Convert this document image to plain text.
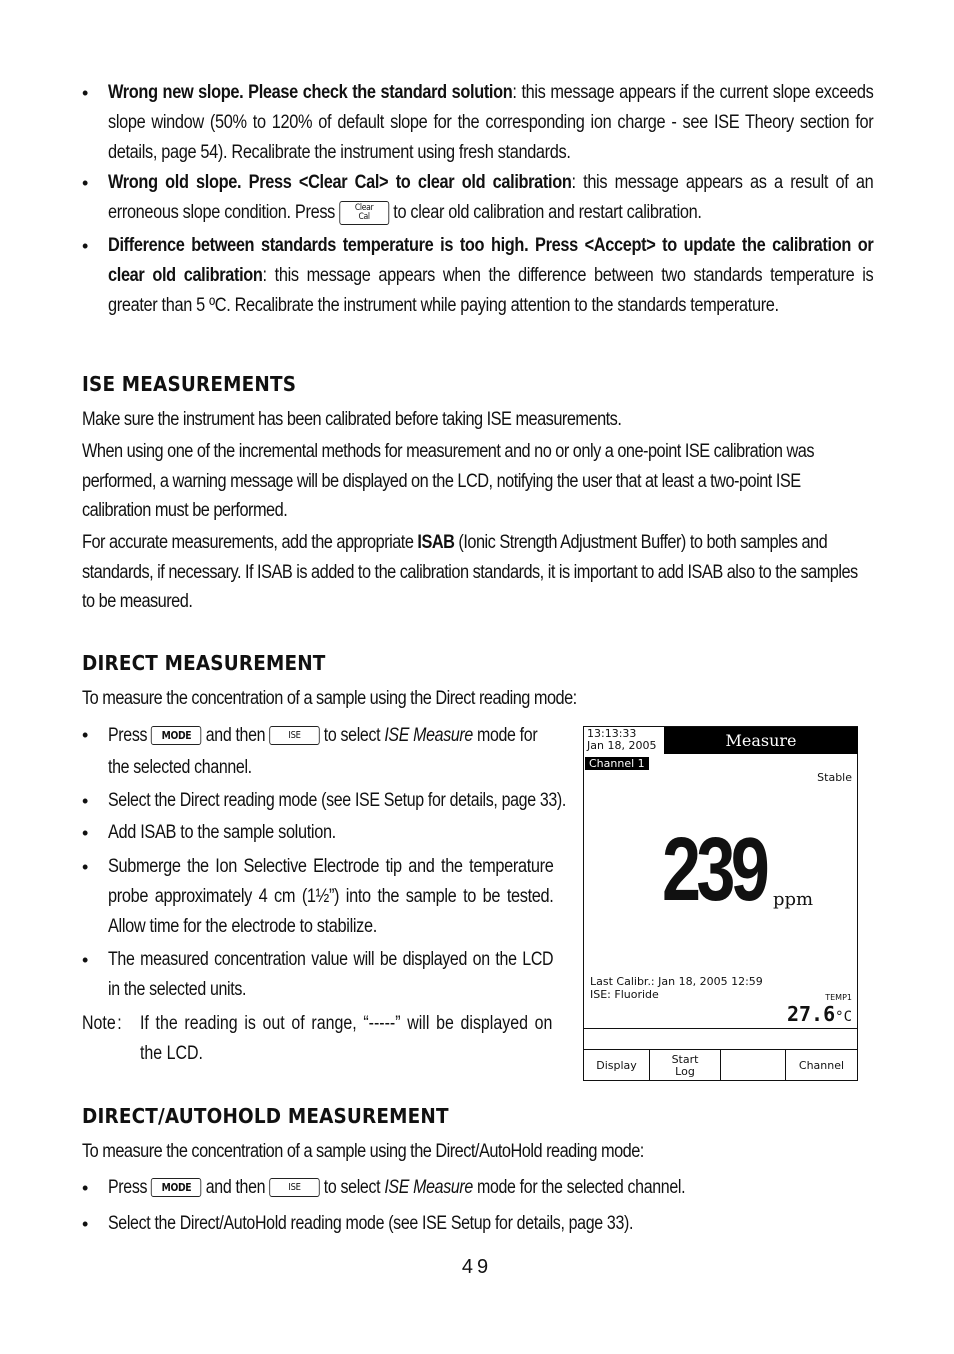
• Wrong new slope. Please check the standard solution: this message appears if the current slope exceeds slope window (50% to 120% of default slope for the corresponding ion charge - see ISE Theory section for details, page 54). Recalibrate the instrument using fresh standards.
• Wrong old slope. Press <Clear Cal> to clear old calibration: this message appears as a result of an erroneous slope condition. Press Clear
Cal to clear old calibration and restart calibration.
• Difference between standards temperature is too high. Press <Accept> to update the calibration or clear old calibration: this message appears when the difference between two standards temperature is greater than 5 ºC. Recalibrate the instrument while paying attention to the standards temperature.
ISE MEASUREMENTS
Make sure the instrument has been calibrated before taking ISE measurements.
When using one of the incremental methods for measurement and no or only a one-point ISE calibration was performed, a warning message will be displayed on the LCD, notifying the user that at least a two-point ISE calibration must be performed.
For accurate measurements, add the appropriate ISAB (Ionic Strength Adjustment Buffer) to both samples and standards, if necessary. If ISAB is added to the calibration standards, it is important to add ISAB also to the samples to be measured.
DIRECT MEASUREMENT
To measure the concentration of a sample using the Direct reading mode:
• Press MODE and then ISE to select ISE Measure mode for the selected channel.
• Select the Direct reading mode (see ISE Setup for details, page 33).
• Add ISAB to the sample solution.
• Submerge the Ion Selective Electrode tip and the temperature probe approximately 4 cm (1½”) into the sample to be tested. Allow time for the electrode to stabilize.
• The measured concentration value will be displayed on the LCD in the selected units.
Note : If the reading is out of range, “-----” will be displayed on the LCD.
13:13:33
Jan 18, 2005	Measure
Channel 1
Stable
239 ppm
Last Calibr.: Jan 18, 2005 12:59
ISE: Fluoride	TEMP1
27.6°C
Display	Start
Log	Channel
DIRECT/AUTOHOLD MEASUREMENT
To measure the concentration of a sample using the Direct/AutoHold reading mode:
• Press MODE and then ISE to select ISE Measure mode for the selected channel.
• Select the Direct/AutoHold reading mode (see ISE Setup for details, page 33).
49
